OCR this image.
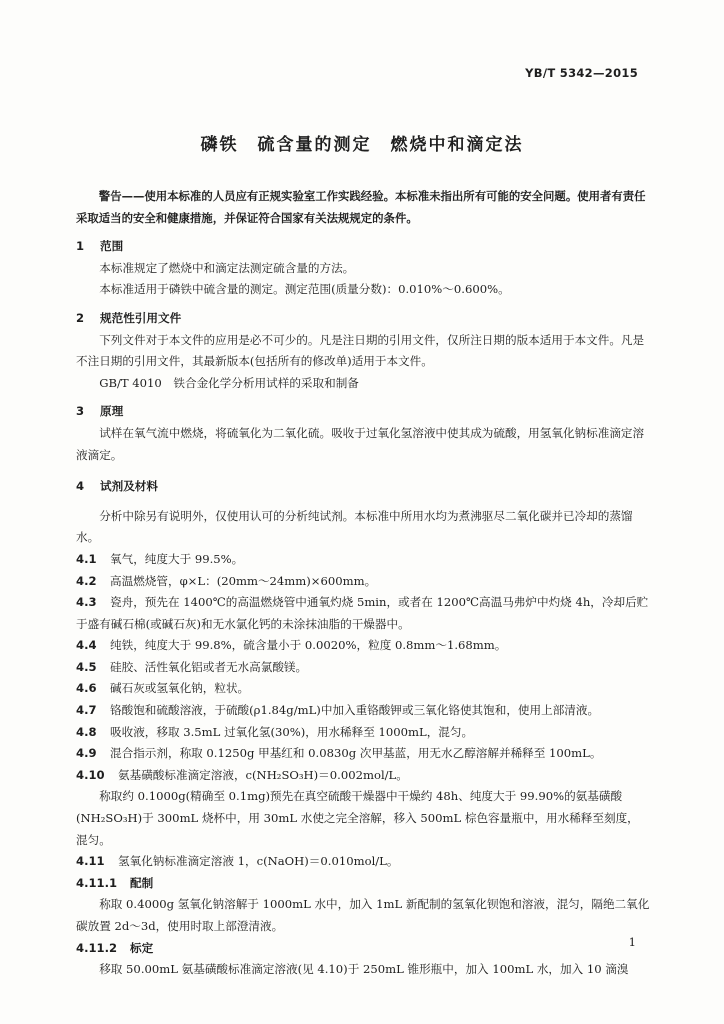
YB/T 5342—2015
磷铁　硫含量的测定　燃烧中和滴定法

警告——使用本标准的人员应有正规实验室工作实践经验。本标准未指出所有可能的安全问题。使用者有责任采取适当的安全和健康措施，并保证符合国家有关法规规定的条件。

1 范围

本标准规定了燃烧中和滴定法测定硫含量的方法。

本标准适用于磷铁中硫含量的测定。测定范围(质量分数)：0.010%～0.600%。

2 规范性引用文件

下列文件对于本文件的应用是必不可少的。凡是注日期的引用文件，仅所注日期的版本适用于本文件。凡是不注日期的引用文件，其最新版本(包括所有的修改单)适用于本文件。

GB/T 4010　铁合金化学分析用试样的采取和制备

3 原理

试样在氧气流中燃烧，将硫氧化为二氧化硫。吸收于过氧化氢溶液中使其成为硫酸，用氢氧化钠标准滴定溶液滴定。

4 试剂及材料

分析中除另有说明外，仅使用认可的分析纯试剂。本标准中所用水均为煮沸驱尽二氧化碳并已冷却的蒸馏水。

4.1	氧气，纯度大于 99.5%。
4.2	高温燃烧管，φ×L：(20mm～24mm)×600mm。

4.3 瓷舟，预先在 1400℃的高温燃烧管中通氧灼烧 5min，或者在 1200℃高温马弗炉中灼烧 4h，冷却后贮于盛有碱石棉(或碱石灰)和无水氯化钙的未涂抹油脂的干燥器中。

4.4	纯铁，纯度大于 99.8%，硫含量小于 0.0020%，粒度 0.8mm～1.68mm。
4.5	硅胶、活性氧化铝或者无水高氯酸镁。
4.6	碱石灰或氢氧化钠，粒状。
4.7	铬酸饱和硫酸溶液，于硫酸(ρ1.84g/mL)中加入重铬酸钾或三氧化铬使其饱和，使用上部清液。
4.8	吸收液，移取 3.5mL 过氧化氢(30%)，用水稀释至 1000mL，混匀。
4.9	混合指示剂，称取 0.1250g 甲基红和 0.0830g 次甲基蓝，用无水乙醇溶解并稀释至 100mL。
4.10	氨基磺酸标准滴定溶液，c(NH₂SO₃H)＝0.002mol/L。

称取约 0.1000g(精确至 0.1mg)预先在真空硫酸干燥器中干燥约 48h、纯度大于 99.90%的氨基磺酸(NH₂SO₃H)于 300mL 烧杯中，用 30mL 水使之完全溶解，移入 500mL 棕色容量瓶中，用水稀释至刻度，混匀。

4.11	氢氧化钠标准滴定溶液 1，c(NaOH)＝0.010mol/L。
4.11.1	配制

称取 0.4000g 氢氧化钠溶解于 1000mL 水中，加入 1mL 新配制的氢氧化钡饱和溶液，混匀，隔绝二氧化碳放置 2d～3d，使用时取上部澄清液。

4.11.2	标定

移取 50.00mL 氨基磺酸标准滴定溶液(见 4.10)于 250mL 锥形瓶中，加入 100mL 水，加入 10 滴溴

1
